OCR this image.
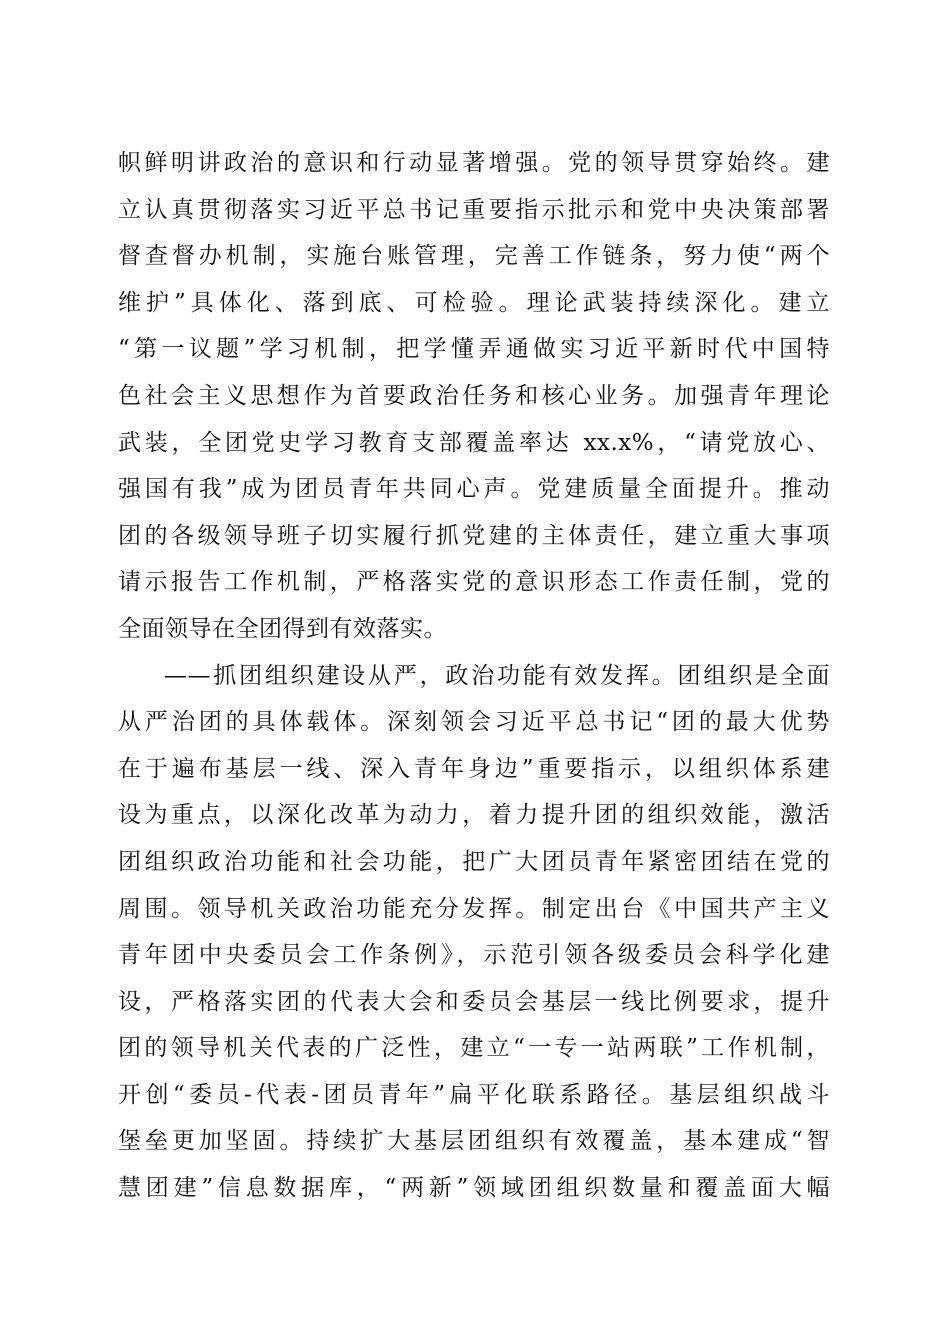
帜鲜明讲政治的意识和行动显著增强。党的领导贯穿始终。建
立认真贯彻落实习近平总书记重要指示批示和党中央决策部署
督查督办机制，实施台账管理，完善工作链条，努力使“两个
维护”具体化、落到底、可检验。理论武装持续深化。建立
“第一议题”学习机制，把学懂弄通做实习近平新时代中国特
色社会主义思想作为首要政治任务和核心业务。加强青年理论
武装，全团党史学习教育支部覆盖率达 xx.x%，“请党放心、
强国有我”成为团员青年共同心声。党建质量全面提升。推动
团的各级领导班子切实履行抓党建的主体责任，建立重大事项
请示报告工作机制，严格落实党的意识形态工作责任制，党的
全面领导在全团得到有效落实。
——抓团组织建设从严，政治功能有效发挥。团组织是全面
从严治团的具体载体。深刻领会习近平总书记“团的最大优势
在于遍布基层一线、深入青年身边”重要指示，以组织体系建
设为重点，以深化改革为动力，着力提升团的组织效能，激活
团组织政治功能和社会功能，把广大团员青年紧密团结在党的
周围。领导机关政治功能充分发挥。制定出台《中国共产主义
青年团中央委员会工作条例》，示范引领各级委员会科学化建
设，严格落实团的代表大会和委员会基层一线比例要求，提升
团的领导机关代表的广泛性，建立“一专一站两联”工作机制，
开创“委员-代表-团员青年”扁平化联系路径。基层组织战斗
堡垒更加坚固。持续扩大基层团组织有效覆盖，基本建成“智
慧团建”信息数据库，“两新”领域团组织数量和覆盖面大幅
